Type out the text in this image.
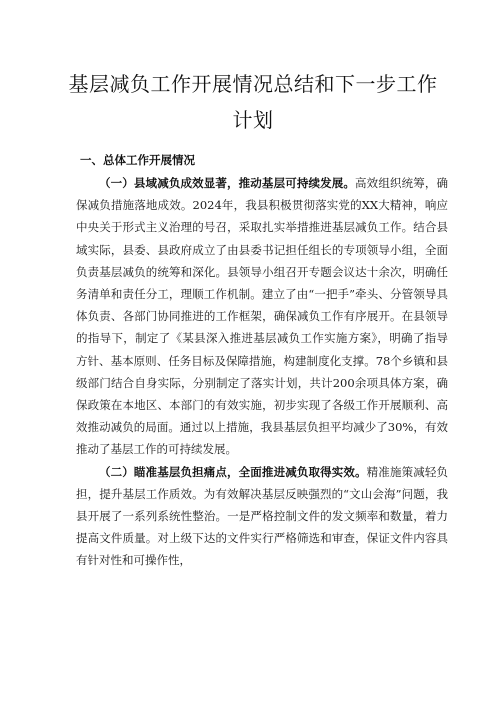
基层减负工作开展情况总结和下一步工作
计划
一、总体工作开展情况

（一）县域减负成效显著，推动基层可持续发展。高效组织统筹，确保减负措施落地成效。2024年，我县积极贯彻落实党的XX大精神，响应中央关于形式主义治理的号召，采取扎实举措推进基层减负工作。结合县域实际，县委、县政府成立了由县委书记担任组长的专项领导小组，全面负责基层减负的统筹和深化。县领导小组召开专题会议达十余次，明确任务清单和责任分工，理顺工作机制。建立了由“一把手”牵头、分管领导具体负责、各部门协同推进的工作框架，确保减负工作有序展开。在县领导的指导下，制定了《某县深入推进基层减负工作实施方案》，明确了指导方针、基本原则、任务目标及保障措施，构建制度化支撑。78个乡镇和县级部门结合自身实际，分别制定了落实计划，共计200余项具体方案，确保政策在本地区、本部门的有效实施，初步实现了各级工作开展顺利、高效推动减负的局面。通过以上措施，我县基层负担平均减少了30%，有效推动了基层工作的可持续发展。

（二）瞄准基层负担痛点，全面推进减负取得实效。精准施策减轻负担，提升基层工作质效。为有效解决基层反映强烈的“文山会海”问题，我县开展了一系列系统性整治。一是严格控制文件的发文频率和数量，着力提高文件质量。对上级下达的文件实行严格筛选和审查，保证文件内容具有针对性和可操作性，
